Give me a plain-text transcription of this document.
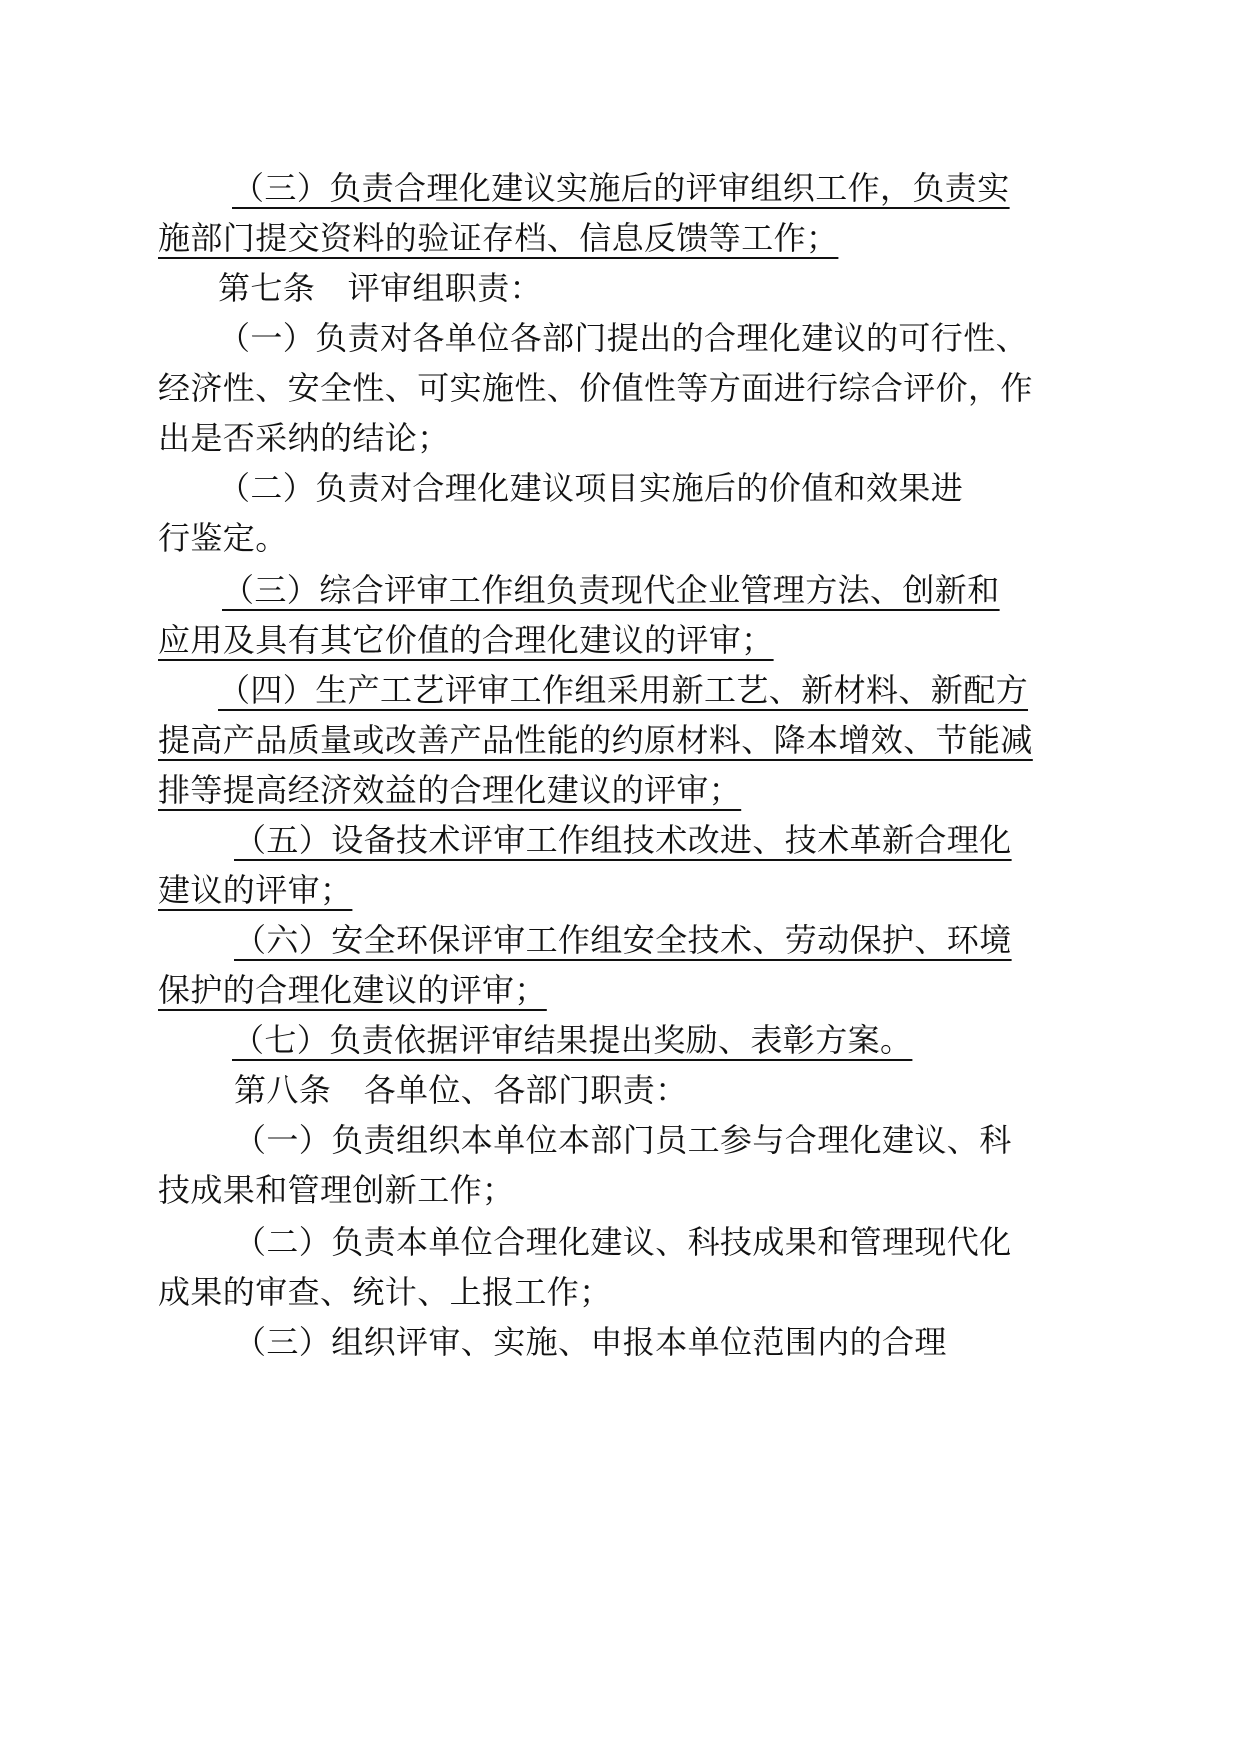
（三）负责合理化建议实施后的评审组织工作，负责实
施部门提交资料的验证存档、信息反馈等工作；
第七条　评审组职责：
（一）负责对各单位各部门提出的合理化建议的可行性、
经济性、安全性、可实施性、价值性等方面进行综合评价，作
出是否采纳的结论；
（二）负责对合理化建议项目实施后的价值和效果进
行鉴定。
（三）综合评审工作组负责现代企业管理方法、创新和
应用及具有其它价值的合理化建议的评审；
（四）生产工艺评审工作组采用新工艺、新材料、新配方
提高产品质量或改善产品性能的约原材料、降本增效、节能减
排等提高经济效益的合理化建议的评审；
（五）设备技术评审工作组技术改进、技术革新合理化
建议的评审；
（六）安全环保评审工作组安全技术、劳动保护、环境
保护的合理化建议的评审；
（七）负责依据评审结果提出奖励、表彰方案。
第八条　各单位、各部门职责：
（一）负责组织本单位本部门员工参与合理化建议、科
技成果和管理创新工作；
（二）负责本单位合理化建议、科技成果和管理现代化
成果的审查、统计、上报工作；
（三）组织评审、实施、申报本单位范围内的合理
